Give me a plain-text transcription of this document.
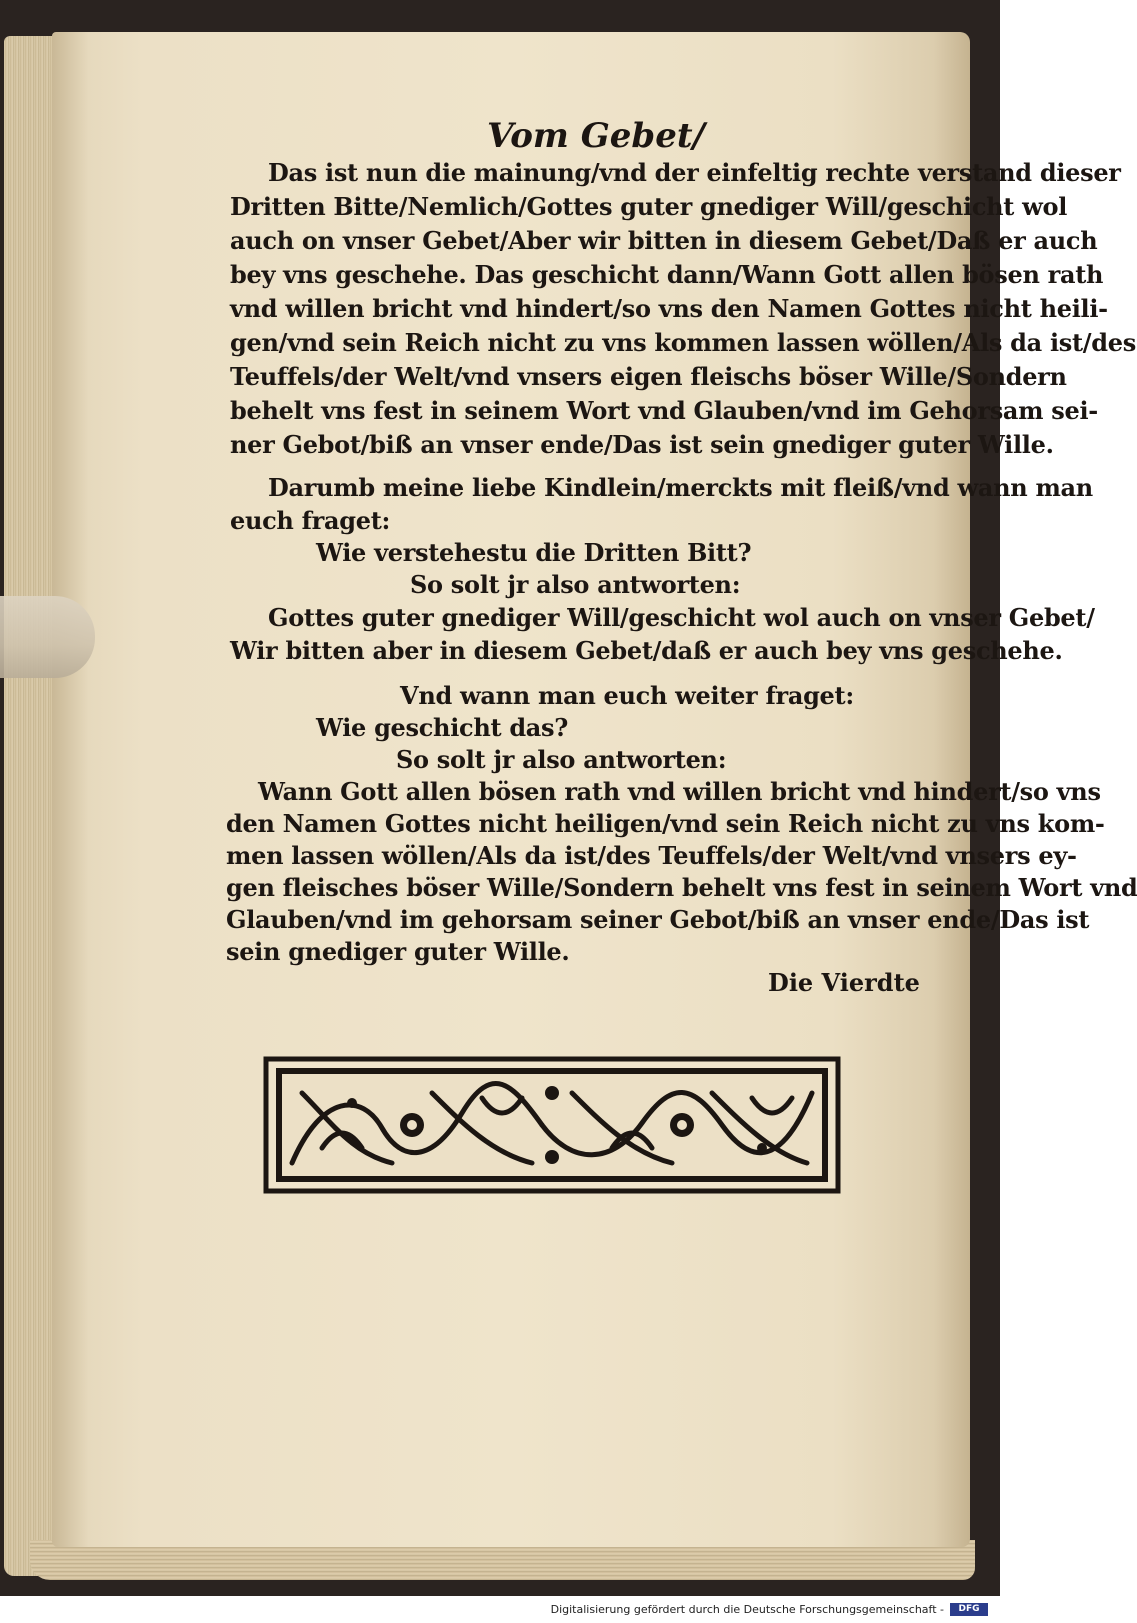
Vom Gebet/
Das ist nun die mainung/vnd der einfeltig rechte verstand dieser
Dritten Bitte/Nemlich/Gottes guter gnediger Will/geschicht wol
auch on vnser Gebet/Aber wir bitten in diesem Gebet/Daß er auch
bey vns geschehe. Das geschicht dann/Wann Gott allen bösen rath
vnd willen bricht vnd hindert/so vns den Namen Gottes nicht heili-
gen/vnd sein Reich nicht zu vns kommen lassen wöllen/Als da ist/des
Teuffels/der Welt/vnd vnsers eigen fleischs böser Wille/Sondern
behelt vns fest in seinem Wort vnd Glauben/vnd im Gehorsam sei-
ner Gebot/biß an vnser ende/Das ist sein gnediger guter Wille.
Darumb meine liebe Kindlein/merckts mit fleiß/vnd wann man
euch fraget:
Wie verstehestu die Dritten Bitt?
So solt jr also antworten:
Gottes guter gnediger Will/geschicht wol auch on vnser Gebet/
Wir bitten aber in diesem Gebet/daß er auch bey vns geschehe.
Vnd wann man euch weiter fraget:
Wie geschicht das?
So solt jr also antworten:
Wann Gott allen bösen rath vnd willen bricht vnd hindert/so vns
den Namen Gottes nicht heiligen/vnd sein Reich nicht zu vns kom-
men lassen wöllen/Als da ist/des Teuffels/der Welt/vnd vnsers ey-
gen fleisches böser Wille/Sondern behelt vns fest in seinem Wort vnd
Glauben/vnd im gehorsam seiner Gebot/biß an vnser ende/Das ist
sein gnediger guter Wille.
Die Vierdte
Digitalisierung gefördert durch die Deutsche Forschungsgemeinschaft -	DFG
